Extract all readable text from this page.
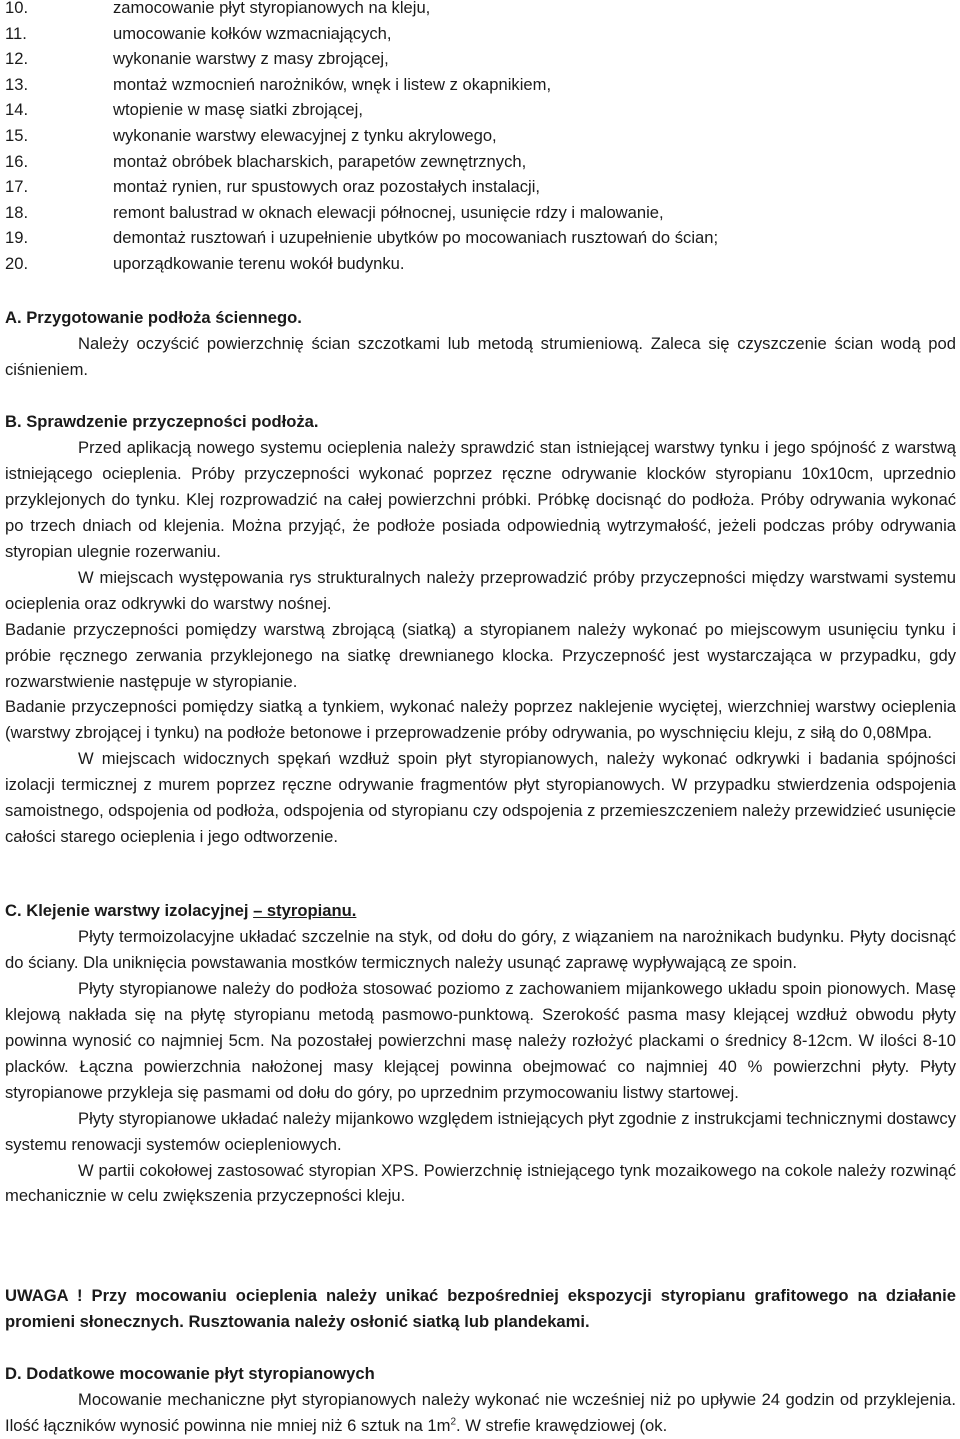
10.	zamocowanie płyt styropianowych na kleju,
11.	umocowanie kołków wzmacniających,
12.	wykonanie warstwy z masy zbrojącej,
13.	montaż wzmocnień narożników, wnęk i listew z okapnikiem,
14.	wtopienie w masę siatki zbrojącej,
15.	wykonanie warstwy elewacyjnej z tynku akrylowego,
16.	montaż obróbek blacharskich, parapetów zewnętrznych,
17.	montaż rynien, rur spustowych oraz pozostałych instalacji,
18.	remont balustrad w oknach elewacji północnej, usunięcie rdzy i malowanie,
19.	demontaż rusztowań i uzupełnienie ubytków po mocowaniach rusztowań do ścian;
20.	uporządkowanie terenu wokół budynku.
A. Przygotowanie podłoża ściennego.

Należy oczyścić powierzchnię ścian szczotkami lub metodą strumieniową. Zaleca się czyszczenie ścian wodą pod ciśnieniem.

B. Sprawdzenie przyczepności podłoża.

Przed aplikacją nowego systemu ocieplenia należy sprawdzić stan istniejącej warstwy tynku i jego spójność z warstwą istniejącego ocieplenia. Próby przyczepności wykonać poprzez ręczne odrywanie klocków styropianu 10x10cm, uprzednio przyklejonych do tynku. Klej rozprowadzić na całej powierzchni próbki. Próbkę docisnąć do podłoża. Próby odrywania wykonać po trzech dniach od klejenia. Można przyjąć, że podłoże posiada odpowiednią wytrzymałość, jeżeli podczas próby odrywania styropian ulegnie rozerwaniu.

W miejscach występowania rys strukturalnych należy przeprowadzić próby przyczepności między warstwami systemu ocieplenia oraz odkrywki do warstwy nośnej.

Badanie przyczepności pomiędzy warstwą zbrojącą (siatką) a styropianem należy wykonać po miejscowym usunięciu tynku i próbie ręcznego zerwania przyklejonego na siatkę drewnianego klocka. Przyczepność jest wystarczająca w przypadku, gdy rozwarstwienie następuje w styropianie.

Badanie przyczepności pomiędzy siatką a tynkiem, wykonać należy poprzez naklejenie wyciętej, wierzchniej warstwy ocieplenia (warstwy zbrojącej i tynku) na podłoże betonowe i przeprowadzenie próby odrywania, po wyschnięciu kleju, z siłą do 0,08Mpa.

W miejscach widocznych spękań wzdłuż spoin płyt styropianowych, należy wykonać odkrywki i badania spójności izolacji termicznej z murem poprzez ręczne odrywanie fragmentów płyt styropianowych. W przypadku stwierdzenia odspojenia samoistnego, odspojenia od podłoża, odspojenia od styropianu czy odspojenia z przemieszczeniem należy przewidzieć usunięcie całości starego ocieplenia i jego odtworzenie.

C. Klejenie warstwy izolacyjnej – styropianu.

Płyty termoizolacyjne układać szczelnie na styk, od dołu do góry, z wiązaniem na narożnikach budynku. Płyty docisnąć do ściany. Dla uniknięcia powstawania mostków termicznych należy usunąć zaprawę wypływającą ze spoin.

Płyty styropianowe należy do podłoża stosować poziomo z zachowaniem mijankowego układu spoin pionowych. Masę klejową nakłada się na płytę styropianu metodą pasmowo-punktową. Szerokość pasma masy klejącej wzdłuż obwodu płyty powinna wynosić co najmniej 5cm. Na pozostałej powierzchni masę należy rozłożyć plackami o średnicy 8-12cm. W ilości 8-10 placków. Łączna powierzchnia nałożonej masy klejącej powinna obejmować co najmniej 40 % powierzchni płyty. Płyty styropianowe przykleja się pasmami od dołu do góry, po uprzednim przymocowaniu listwy startowej.

Płyty styropianowe układać należy mijankowo względem istniejących płyt zgodnie z instrukcjami technicznymi dostawcy systemu renowacji systemów ociepleniowych.

W partii cokołowej zastosować styropian XPS. Powierzchnię istniejącego tynk mozaikowego na cokole należy rozwinąć mechanicznie w celu zwiększenia przyczepności kleju.

UWAGA ! Przy mocowaniu ocieplenia należy unikać bezpośredniej ekspozycji styropianu grafitowego na działanie promieni słonecznych. Rusztowania należy osłonić siatką lub plandekami.

D. Dodatkowe mocowanie płyt styropianowych

Mocowanie mechaniczne płyt styropianowych należy wykonać nie wcześniej niż po upływie 24 godzin od przyklejenia. Ilość łączników wynosić powinna nie mniej niż 6 sztuk na $1m^2$. W strefie krawędziowej (ok.
